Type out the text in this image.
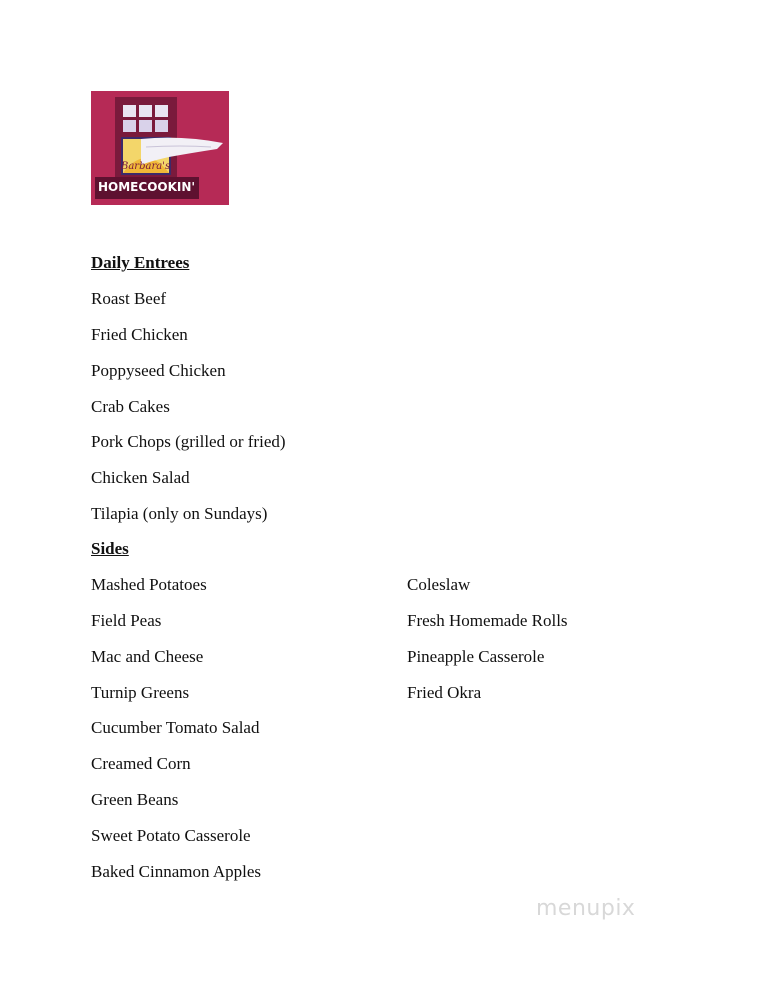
Barbara's
HOMECOOKIN'
Daily Entrees
Roast Beef
Fried Chicken
Poppyseed Chicken
Crab Cakes
Pork Chops (grilled or fried)
Chicken Salad
Tilapia (only on Sundays)
Sides
Mashed Potatoes
Field Peas
Mac and Cheese
Turnip Greens
Cucumber Tomato Salad
Creamed Corn
Green Beans
Sweet Potato Casserole
Baked Cinnamon Apples
Coleslaw
Fresh Homemade Rolls
Pineapple Casserole
Fried Okra
menupix
